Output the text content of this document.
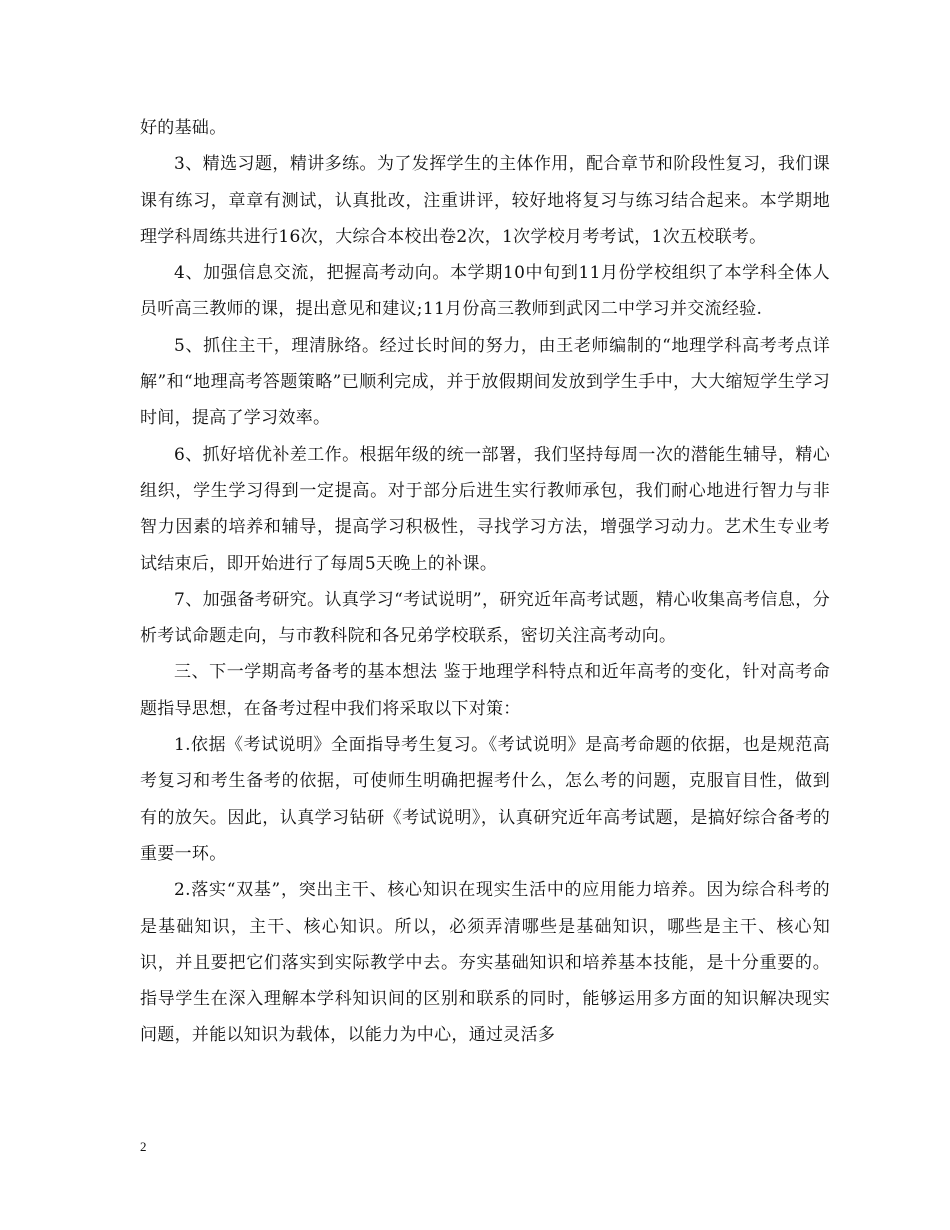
好的基础。

3、精选习题，精讲多练。为了发挥学生的主体作用，配合章节和阶段性复习，我们课课有练习，章章有测试，认真批改，注重讲评，较好地将复习与练习结合起来。本学期地理学科周练共进行16次，大综合本校出卷2次，1次学校月考考试，1次五校联考。

4、加强信息交流，把握高考动向。本学期10中旬到11月份学校组织了本学科全体人员听高三教师的课，提出意见和建议;11月份高三教师到武冈二中学习并交流经验.

5、抓住主干，理清脉络。经过长时间的努力，由王老师编制的“地理学科高考考点详解”和“地理高考答题策略”已顺利完成，并于放假期间发放到学生手中，大大缩短学生学习时间，提高了学习效率。

6、抓好培优补差工作。根据年级的统一部署，我们坚持每周一次的潜能生辅导，精心组织，学生学习得到一定提高。对于部分后进生实行教师承包，我们耐心地进行智力与非智力因素的培养和辅导，提高学习积极性，寻找学习方法，增强学习动力。艺术生专业考试结束后，即开始进行了每周5天晚上的补课。

7、加强备考研究。认真学习“考试说明”，研究近年高考试题，精心收集高考信息，分析考试命题走向，与市教科院和各兄弟学校联系，密切关注高考动向。

三、下一学期高考备考的基本想法 鉴于地理学科特点和近年高考的变化，针对高考命题指导思想，在备考过程中我们将采取以下对策：

1.依据《考试说明》全面指导考生复习。《考试说明》是高考命题的依据，也是规范高考复习和考生备考的依据，可使师生明确把握考什么，怎么考的问题，克服盲目性，做到有的放矢。因此，认真学习钻研《考试说明》，认真研究近年高考试题，是搞好综合备考的重要一环。

2.落实“双基”，突出主干、核心知识在现实生活中的应用能力培养。因为综合科考的是基础知识，主干、核心知识。所以，必须弄清哪些是基础知识，哪些是主干、核心知识，并且要把它们落实到实际教学中去。夯实基础知识和培养基本技能，是十分重要的。指导学生在深入理解本学科知识间的区别和联系的同时，能够运用多方面的知识解决现实问题，并能以知识为载体，以能力为中心，通过灵活多

2
